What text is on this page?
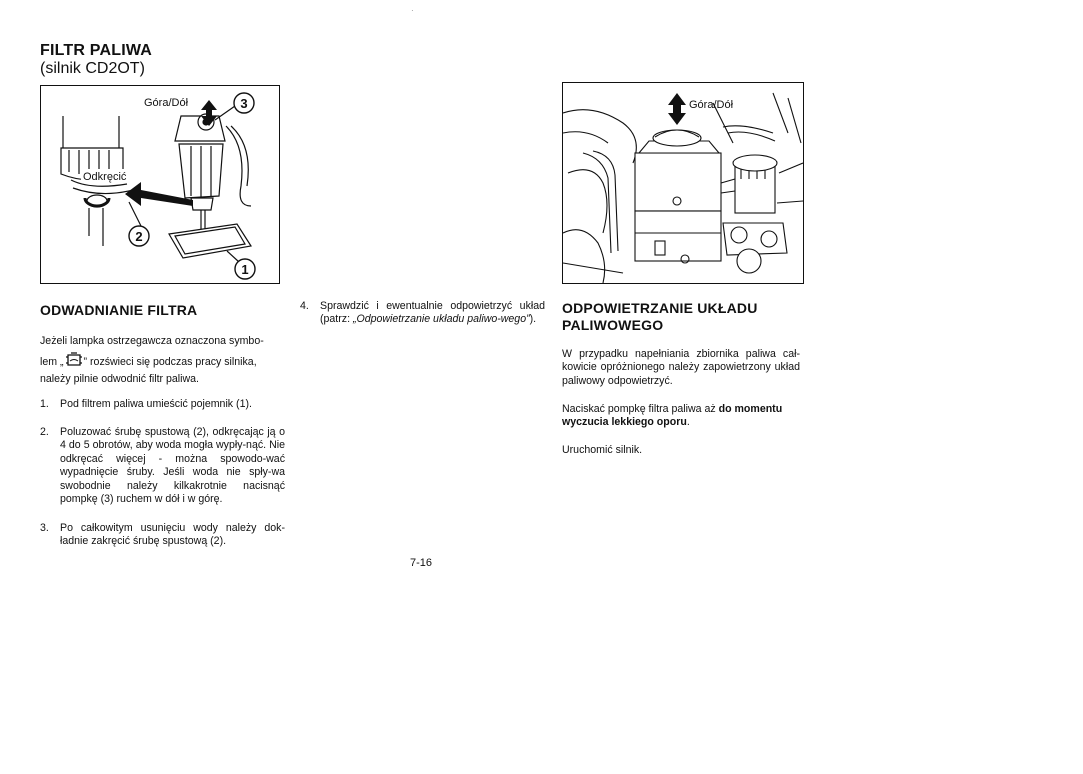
·
FILTR PALIWA
(silnik CD2OT)
Góra/Dół
Odkręcić
3
2
1
Góra/Dół
ODWADNIANIE FILTRA
Jeżeli lampka ostrzegawcza oznaczona symbo-
lem „ ” rozświeci się podczas pracy silnika,
należy pilnie odwodnić filtr paliwa.
1. Pod filtrem paliwa umieścić pojemnik (1).
2. Poluzować śrubę spustową (2), odkręcając ją o 4 do 5 obrotów, aby woda mogła wypły-nąć. Nie odkręcać więcej - można spowodo-wać wypadnięcie śruby. Jeśli woda nie spły-wa swobodnie należy kilkakrotnie nacisnąć pompkę (3) ruchem w dół i w górę.
3. Po całkowitym usunięciu wody należy dok-ładnie zakręcić śrubę spustową (2).
4. Sprawdzić i ewentualnie odpowietrzyć układ (patrz: „Odpowietrzanie układu paliwo-wego”).
ODPOWIETRZANIE UKŁADU PALIWOWEGO
W przypadku napełniania zbiornika paliwa cał-kowicie opróżnionego należy zapowietrzony układ paliwowy odpowietrzyć.
Naciskać pompkę filtra paliwa aż do momentu wyczucia lekkiego oporu.
Uruchomić silnik.
7-16
